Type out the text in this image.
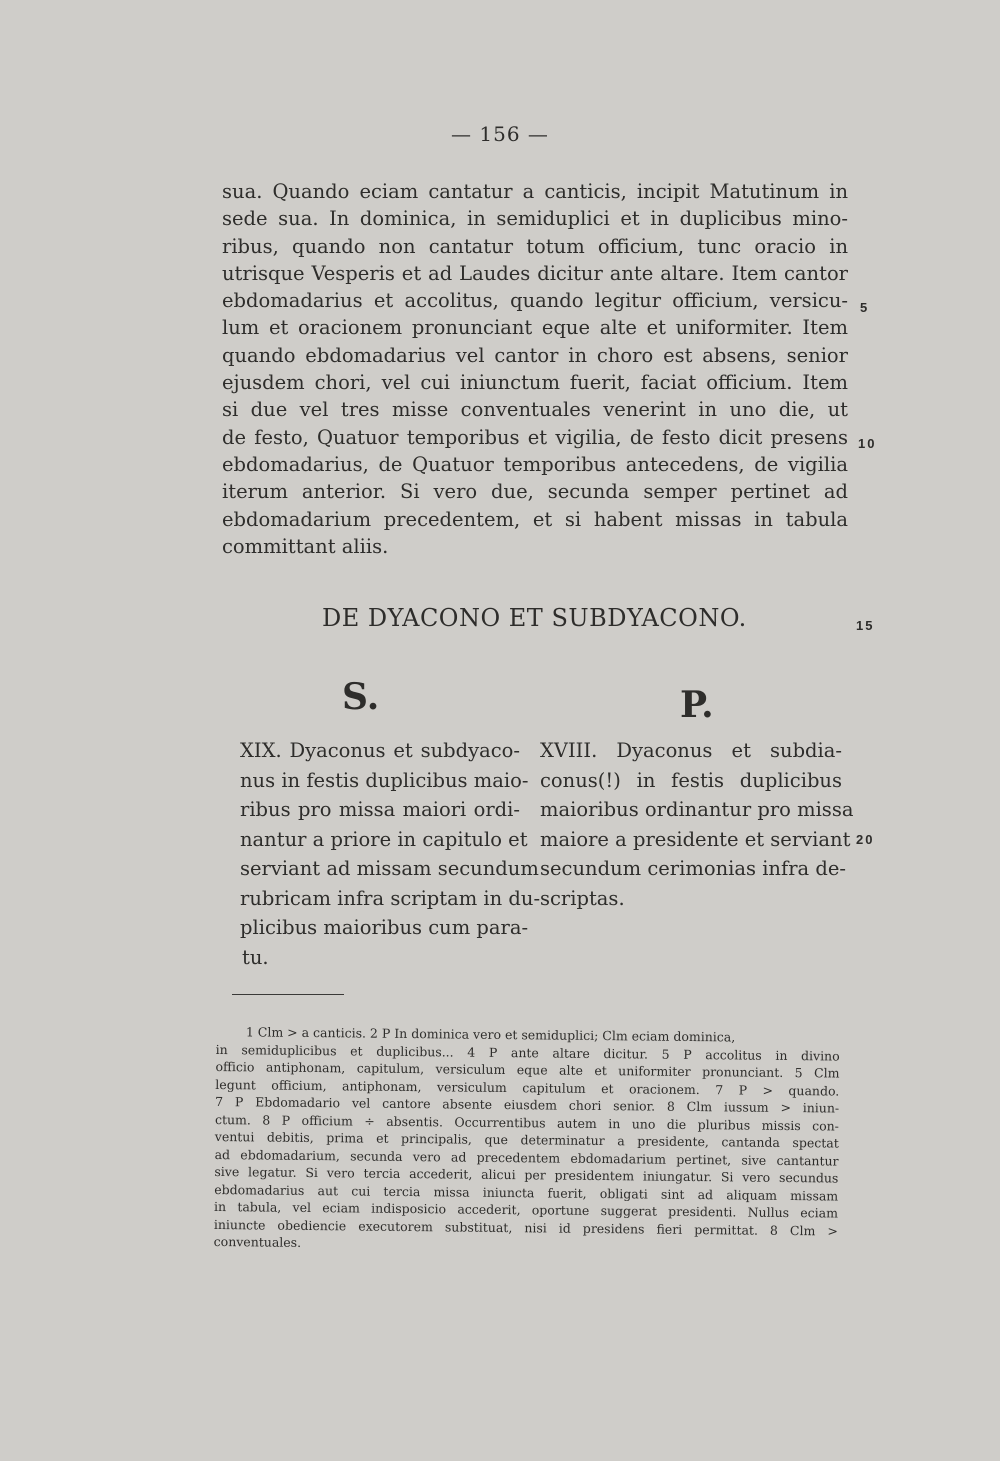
— 156 —
sua. Quando eciam cantatur a canticis, incipit Matutinum in
sede sua. In dominica, in semiduplici et in duplicibus mino-
ribus, quando non cantatur totum officium, tunc oracio in
utrisque Vesperis et ad Laudes dicitur ante altare. Item cantor
ebdomadarius et accolitus, quando legitur officium, versicu-
lum et oracionem pronunciant eque alte et uniformiter. Item
quando ebdomadarius vel cantor in choro est absens, senior
ejusdem chori, vel cui iniunctum fuerit, faciat officium. Item
si due vel tres misse conventuales venerint in uno die, ut
de festo, Quatuor temporibus et vigilia, de festo dicit presens
ebdomadarius, de Quatuor temporibus antecedens, de vigilia
iterum anterior. Si vero due, secunda semper pertinet ad
ebdomadarium precedentem, et si habent missas in tabula
committant aliis.
5
10
15
20
DE DYACONO ET SUBDYACONO.
S.	P.
XIX. Dyaconus et subdyaco-
nus in festis duplicibus maio-
ribus pro missa maiori ordi-
nantur a priore in capitulo et
serviant ad missam secundum
rubricam infra scriptam in du-
plicibus maioribus cum para-
tu.
XVIII. Dyaconus et subdia-
conus(!) in festis duplicibus
maioribus ordinantur pro missa
maiore a presidente et serviant
secundum cerimonias infra de-
scriptas.
1 Clm > a canticis. 2 P In dominica vero et semiduplici; Clm eciam dominica,
in semiduplicibus et duplicibus... 4 P ante altare dicitur. 5 P accolitus in divino
officio antiphonam, capitulum, versiculum eque alte et uniformiter pronunciant. 5 Clm
legunt officium, antiphonam, versiculum capitulum et oracionem. 7 P > quando.
7 P Ebdomadario vel cantore absente eiusdem chori senior. 8 Clm iussum > iniun-
ctum. 8 P officium ÷ absentis. Occurrentibus autem in uno die pluribus missis con-
ventui debitis, prima et principalis, que determinatur a presidente, cantanda spectat
ad ebdomadarium, secunda vero ad precedentem ebdomadarium pertinet, sive cantantur
sive legatur. Si vero tercia accederit, alicui per presidentem iniungatur. Si vero secundus
ebdomadarius aut cui tercia missa iniuncta fuerit, obligati sint ad aliquam missam
in tabula, vel eciam indisposicio accederit, oportune suggerat presidenti. Nullus eciam
iniuncte obediencie executorem substituat, nisi id presidens fieri permittat. 8 Clm >
conventuales.
